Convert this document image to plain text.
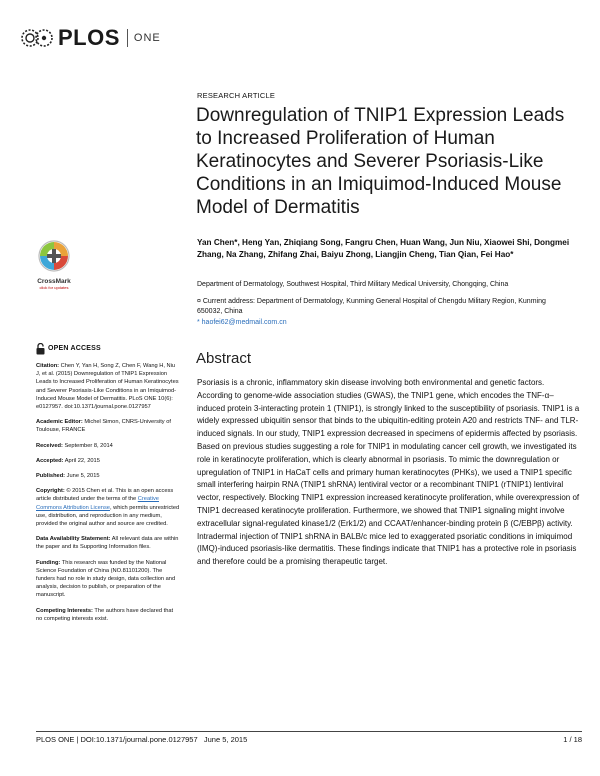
PLOS ONE
RESEARCH ARTICLE
Downregulation of TNIP1 Expression Leads to Increased Proliferation of Human Keratinocytes and Severer Psoriasis-Like Conditions in an Imiquimod-Induced Mouse Model of Dermatitis
Yan Chen*, Heng Yan, Zhiqiang Song, Fangru Chen, Huan Wang, Jun Niu, Xiaowei Shi, Dongmei Zhang, Na Zhang, Zhifang Zhai, Baiyu Zhong, Liangjin Cheng, Tian Qian, Fei Hao*
Department of Dermatology, Southwest Hospital, Third Military Medical University, Chongqing, China
¤ Current address: Department of Dermatology, Kunming General Hospital of Chengdu Military Region, Kunming 650032, China
* haofei62@medmail.com.cn
CrossMark
click for updates
OPEN ACCESS
Citation: Chen Y, Yan H, Song Z, Chen F, Wang H, Niu J, et al. (2015) Downregulation of TNIP1 Expression Leads to Increased Proliferation of Human Keratinocytes and Severer Psoriasis-Like Conditions in an Imiquimod-Induced Mouse Model of Dermatitis. PLoS ONE 10(6): e0127957. doi:10.1371/journal.pone.0127957
Academic Editor: Michel Simon, CNRS-University of Toulouse, FRANCE
Received: September 8, 2014
Accepted: April 22, 2015
Published: June 5, 2015
Copyright: © 2015 Chen et al. This is an open access article distributed under the terms of the Creative Commons Attribution License, which permits unrestricted use, distribution, and reproduction in any medium, provided the original author and source are credited.
Data Availability Statement: All relevant data are within the paper and its Supporting Information files.
Funding: This research was funded by the National Science Foundation of China (NO.81101200). The funders had no role in study design, data collection and analysis, decision to publish, or preparation of the manuscript.
Competing Interests: The authors have declared that no competing interests exist.
Abstract

Psoriasis is a chronic, inflammatory skin disease involving both environmental and genetic factors. According to genome-wide association studies (GWAS), the TNIP1 gene, which encodes the TNF-α–induced protein 3-interacting protein 1 (TNIP1), is strongly linked to the susceptibility of psoriasis. TNIP1 is a widely expressed ubiquitin sensor that binds to the ubiquitin-editing protein A20 and restricts TNF- and TLR-induced signals. In our study, TNIP1 expression decreased in specimens of epidermis affected by psoriasis. Based on previous studies suggesting a role for TNIP1 in modulating cancer cell growth, we investigated its role in keratinocyte proliferation, which is clearly abnormal in psoriasis. To mimic the downregulation or upregulation of TNIP1 in HaCaT cells and primary human keratinocytes (PHKs), we used a TNIP1 specific small interfering hairpin RNA (TNIP1 shRNA) lentiviral vector or a recombinant TNIP1 (rTNIP1) lentiviral vector, respectively. Blocking TNIP1 expression increased keratinocyte proliferation, while overexpression of TNIP1 decreased keratinocyte proliferation. Furthermore, we showed that TNIP1 signaling might involve extracellular signal-regulated kinase1/2 (Erk1/2) and CCAAT/enhancer-binding protein β (C/EBPβ) activity. Intradermal injection of TNIP1 shRNA in BALB/c mice led to exaggerated psoriatic conditions in imiquimod (IMQ)-induced psoriasis-like dermatitis. These findings indicate that TNIP1 has a protective role in psoriasis and therefore could be a promising therapeutic target.

PLOS ONE | DOI:10.1371/journal.pone.0127957   June 5, 2015	1 / 18
